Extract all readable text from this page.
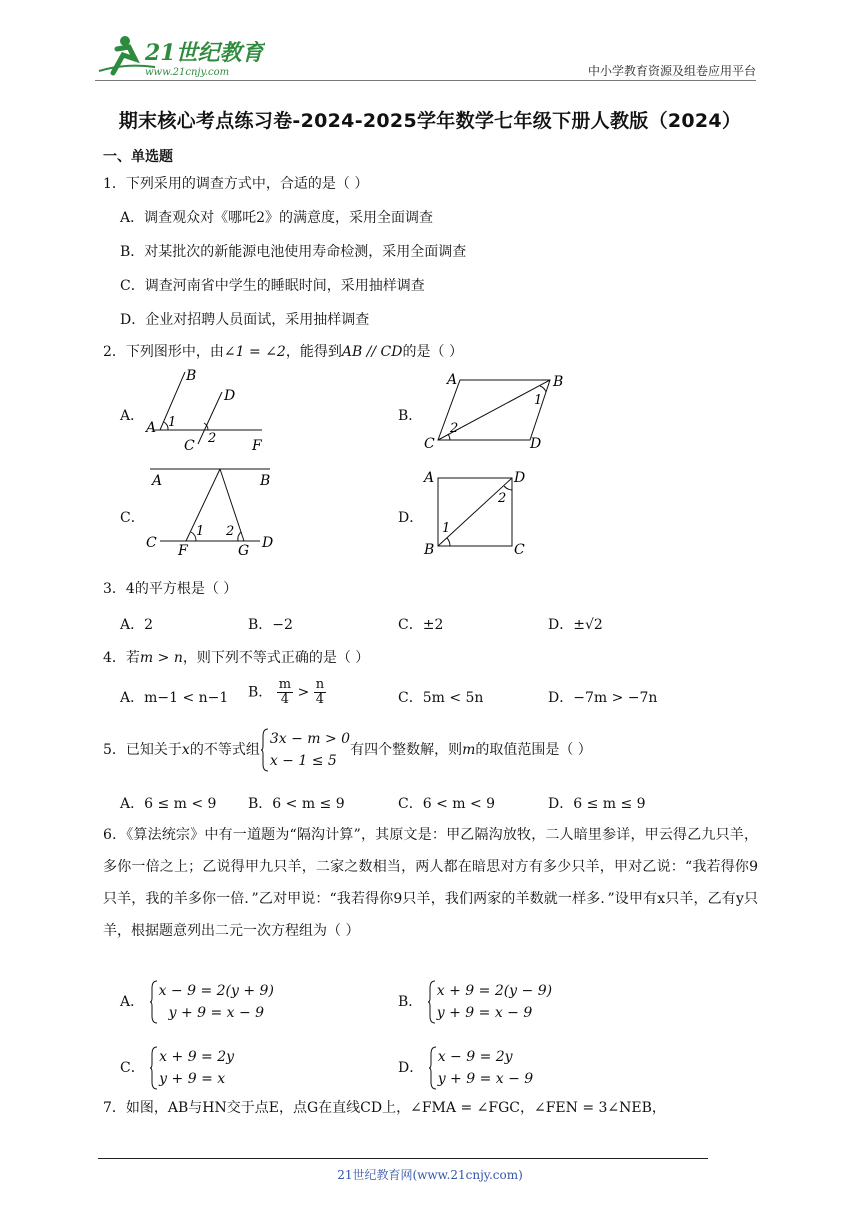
21世纪教育
www.21cnjy.com	中小学教育资源及组卷应用平台
期末核心考点练习卷-2024-2025学年数学七年级下册人教版（2024）
一、单选题
1．下列采用的调查方式中，合适的是（ ）
A．调查观众对《哪吒2》的满意度，采用全面调查
B．对某批次的新能源电池使用寿命检测，采用全面调查
C．调查河南省中学生的睡眠时间，采用抽样调查
D．企业对招聘人员面试，采用抽样调查
2．下列图形中，由∠1 = ∠2，能得到AB // CD的是（ ）
A．	B．
C．	D．
B
D
A 1
2
C	F
A	B
C	D
2
1
A	B
C
1 2
F	G D
A	D
B	C
1
2
3．4的平方根是（ ）
A．2	B．−2	C．±2	D．±√2
4．若m > n，则下列不等式正确的是（ ）
A．m−1 < n−1 B． $\frac{m}{4} > \frac{n}{4}$	C．5m < 5n	D．−7m > −7n
5．已知关于x的不等式组
3x − m > 0
x − 1 ≤ 5
有四个整数解，则m的取值范围是（ ）
A．6 ≤ m < 9 B．6 < m ≤ 9	C．6 < m < 9	D．6 ≤ m ≤ 9
6．《算法统宗》中有一道题为“隔沟计算”，其原文是：甲乙隔沟放牧，二人暗里参详，甲云得乙九只羊，多你一倍之上；乙说得甲九只羊，二家之数相当，两人都在暗思对方有多少只羊，甲对乙说：“我若得你9只羊，我的羊多你一倍．”乙对甲说：“我若得你9只羊，我们两家的羊数就一样多．”设甲有x只羊，乙有y只羊，根据题意列出二元一次方程组为（ ）
A．
x − 9 = 2(y + 9)
y + 9 = x − 9
B．
x + 9 = 2(y − 9)
y + 9 = x − 9
C．
x + 9 = 2y
y + 9 = x
D．
x − 9 = 2y
y + 9 = x − 9
7．如图，AB与HN交于点E，点G在直线CD上，∠FMA = ∠FGC，∠FEN = 3∠NEB，
21世纪教育网(www.21cnjy.com)
